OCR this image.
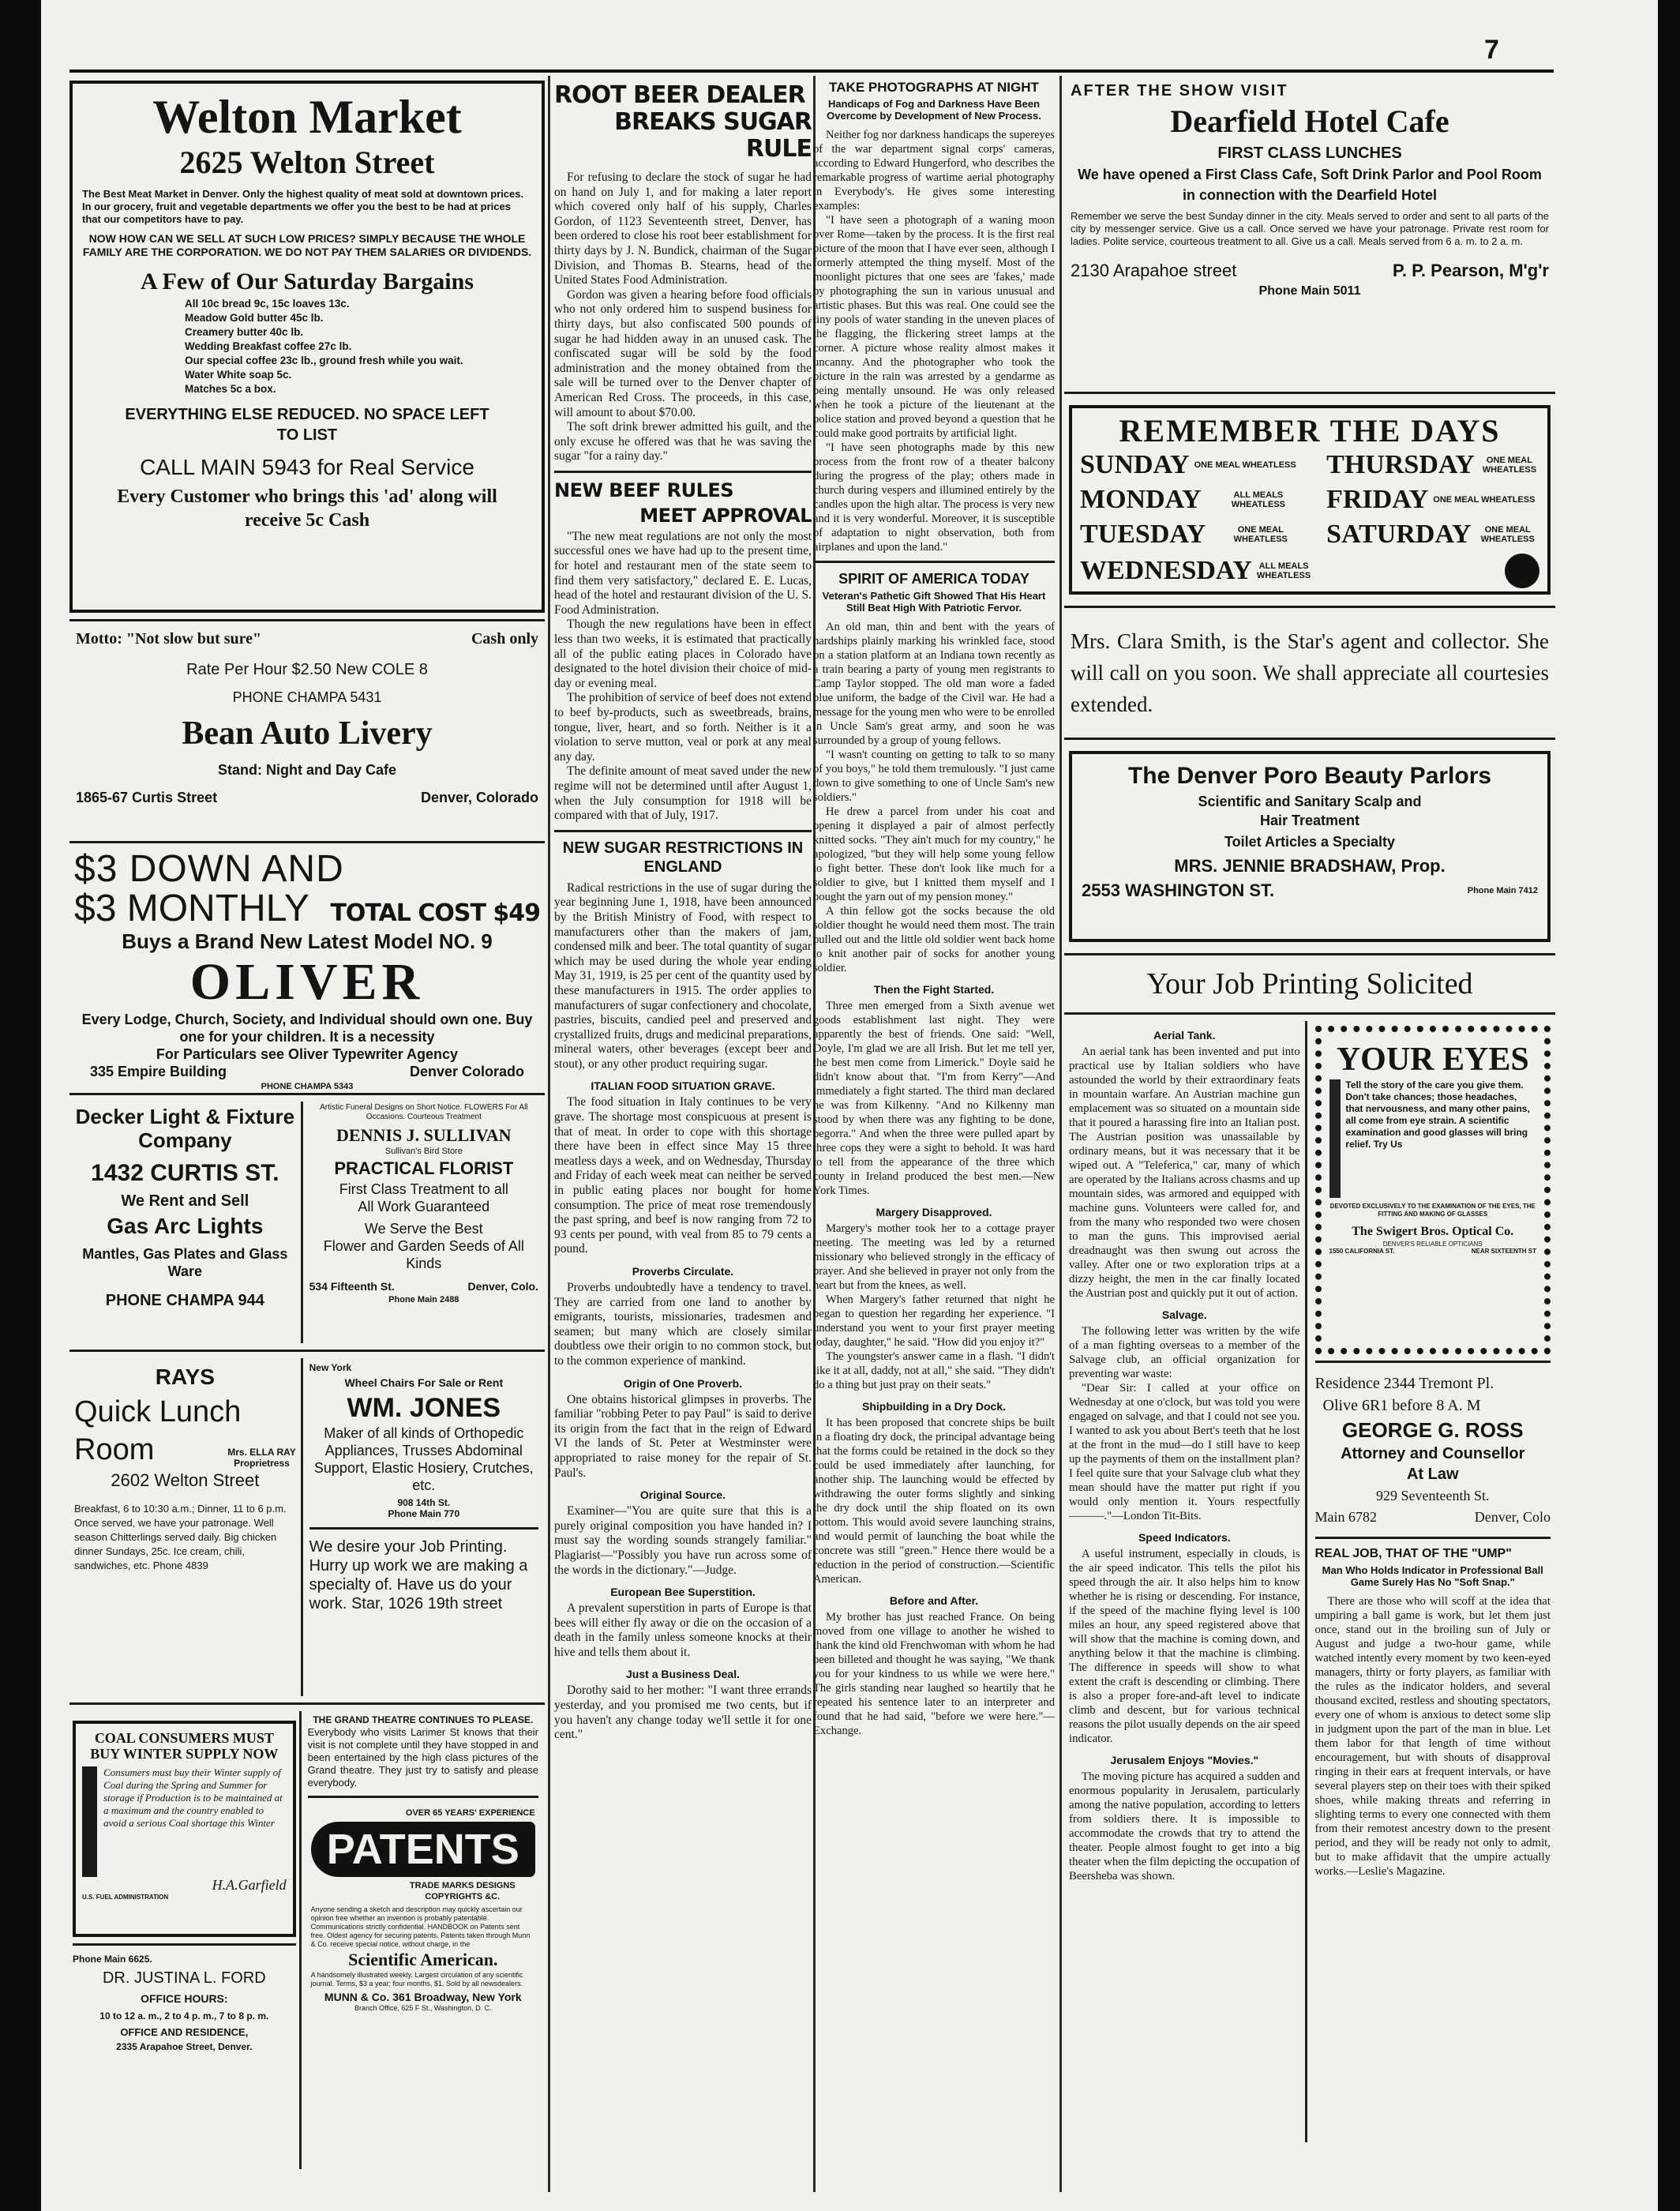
7
Welton Market
2625 Welton Street

The Best Meat Market in Denver. Only the highest quality of meat sold at downtown prices.

In our grocery, fruit and vegetable departments we offer you the best to be had at prices that our competitors have to pay.

NOW HOW CAN WE SELL AT SUCH LOW PRICES? SIMPLY BECAUSE THE WHOLE FAMILY ARE THE CORPORATION. WE DO NOT PAY THEM SALARIES OR DIVIDENDS.

A Few of Our Saturday Bargains
All 10c bread 9c, 15c loaves 13c.
Meadow Gold butter 45c lb.
Creamery butter 40c lb.
Wedding Breakfast coffee 27c lb.
Our special coffee 23c lb., ground fresh while you wait.
Water White soap 5c.
Matches 5c a box.
EVERYTHING ELSE REDUCED. NO SPACE LEFT TO LIST
CALL MAIN 5943 for Real Service
Every Customer who brings this 'ad' along will receive 5c Cash
Motto: "Not slow but sure"	Cash only
Rate Per Hour $2.50 New COLE 8
PHONE CHAMPA 5431
Bean Auto Livery
Stand: Night and Day Cafe
1865-67 Curtis Street	Denver, Colorado
$3 DOWN AND
$3 MONTHLY TOTAL COST $49
Buys a Brand New Latest Model NO. 9
OLIVER
Every Lodge, Church, Society, and Individual should own one. Buy one for your children. It is a necessity
For Particulars see Oliver Typewriter Agency
335 Empire Building	Denver Colorado
PHONE CHAMPA 5343
Decker Light & Fixture Company
1432 CURTIS ST.
We Rent and Sell
Gas Arc Lights
Mantles, Gas Plates and Glass Ware
PHONE CHAMPA 944
Artistic Funeral Designs on Short Notice. FLOWERS For All Occasions. Courteous Treatment
DENNIS J. SULLIVAN
Sullivan's Bird Store
PRACTICAL FLORIST
First Class Treatment to all
All Work Guaranteed
We Serve the Best
Flower and Garden Seeds of All Kinds
534 Fifteenth St.	Denver, Colo.
Phone Main 2488
RAYS
Quick Lunch
Room	Mrs. ELLA RAY
Proprietress
2602 Welton Street

Breakfast, 6 to 10:30 a.m.; Dinner, 11 to 6 p.m. Once served, we have your patronage. Well season Chitterlings served daily. Big chicken dinner Sundays, 25c. Ice cream, chili, sandwiches, etc. Phone 4839

New York
Wheel Chairs For Sale or Rent
WM. JONES

Maker of all kinds of Orthopedic Appliances, Trusses Abdominal Support, Elastic Hosiery, Crutches, etc.

908 14th St.
Phone Main 770

We desire your Job Printing. Hurry up work we are making a specialty of. Have us do your work. Star, 1026 19th street

COAL CONSUMERS MUST BUY WINTER SUPPLY NOW

Consumers must buy their Winter supply of Coal during the Spring and Summer for storage if Production is to be maintained at a maximum and the country enabled to avoid a serious Coal shortage this Winter

H.A.Garfield
U.S. FUEL ADMINISTRATION
Phone Main 6625.
DR. JUSTINA L. FORD
OFFICE HOURS:
10 to 12 a. m., 2 to 4 p. m., 7 to 8 p. m.
OFFICE AND RESIDENCE,
2335 Arapahoe Street, Denver.
THE GRAND THEATRE CONTINUES TO PLEASE.

Everybody who visits Larimer St knows that their visit is not complete until they have stopped in and been entertained by the high class pictures of the Grand theatre. They just try to satisfy and please everybody.

OVER 65 YEARS' EXPERIENCE
PATENTS
TRADE MARKS DESIGNS COPYRIGHTS &C.

Anyone sending a sketch and description may quickly ascertain our opinion free whether an invention is probably patentable. Communications strictly confidential. HANDBOOK on Patents sent free. Oldest agency for securing patents. Patents taken through Munn & Co. receive special notice, without charge, in the

Scientific American.

A handsomely illustrated weekly. Largest circulation of any scientific journal. Terms, $3 a year; four months, $1. Sold by all newsdealers.

MUNN & Co. 361 Broadway, New York
Branch Office, 625 F St., Washington, D. C.
ROOT BEER DEALER
BREAKS SUGAR RULE

For refusing to declare the stock of sugar he had on hand on July 1, and for making a later report which covered only half of his supply, Charles Gordon, of 1123 Seventeenth street, Denver, has been ordered to close his root beer establishment for thirty days by J. N. Bundick, chairman of the Sugar Division, and Thomas B. Stearns, head of the United States Food Administration.

Gordon was given a hearing before food officials who not only ordered him to suspend business for thirty days, but also confiscated 500 pounds of sugar he had hidden away in an unused cask. The confiscated sugar will be sold by the food administration and the money obtained from the sale will be turned over to the Denver chapter of American Red Cross. The proceeds, in this case, will amount to about $70.00.

The soft drink brewer admitted his guilt, and the only excuse he offered was that he was saving the sugar "for a rainy day."

NEW BEEF RULES
MEET APPROVAL

"The new meat regulations are not only the most successful ones we have had up to the present time, for hotel and restaurant men of the state seem to find them very satisfactory," declared E. E. Lucas, head of the hotel and restaurant division of the U. S. Food Administration.

Though the new regulations have been in effect less than two weeks, it is estimated that practically all of the public eating places in Colorado have designated to the hotel division their choice of mid-day or evening meal.

The prohibition of service of beef does not extend to beef by-products, such as sweetbreads, brains, tongue, liver, heart, and so forth. Neither is it a violation to serve mutton, veal or pork at any meal any day.

The definite amount of meat saved under the new regime will not be determined until after August 1, when the July consumption for 1918 will be compared with that of July, 1917.

NEW SUGAR RESTRICTIONS IN ENGLAND

Radical restrictions in the use of sugar during the year beginning June 1, 1918, have been announced by the British Ministry of Food, with respect to manufacturers other than the makers of jam, condensed milk and beer. The total quantity of sugar which may be used during the whole year ending May 31, 1919, is 25 per cent of the quantity used by these manufacturers in 1915. The order applies to manufacturers of sugar confectionery and chocolate, pastries, biscuits, candied peel and preserved and crystallized fruits, drugs and medicinal preparations, mineral waters, other beverages (except beer and stout), or any other product requiring sugar.

ITALIAN FOOD SITUATION GRAVE.

The food situation in Italy continues to be very grave. The shortage most conspicuous at present is that of meat. In order to cope with this shortage there have been in effect since May 15 three meatless days a week, and on Wednesday, Thursday and Friday of each week meat can neither be served in public eating places nor bought for home consumption. The price of meat rose tremendously the past spring, and beef is now ranging from 72 to 93 cents per pound, with veal from 85 to 79 cents a pound.

Proverbs Circulate.

Proverbs undoubtedly have a tendency to travel. They are carried from one land to another by emigrants, tourists, missionaries, tradesmen and seamen; but many which are closely similar doubtless owe their origin to no common stock, but to the common experience of mankind.

Origin of One Proverb.

One obtains historical glimpses in proverbs. The familiar "robbing Peter to pay Paul" is said to derive its origin from the fact that in the reign of Edward VI the lands of St. Peter at Westminster were appropriated to raise money for the repair of St. Paul's.

Original Source.

Examiner—"You are quite sure that this is a purely original composition you have handed in? I must say the wording sounds strangely familiar." Plagiarist—"Possibly you have run across some of the words in the dictionary."—Judge.

European Bee Superstition.

A prevalent superstition in parts of Europe is that bees will either fly away or die on the occasion of a death in the family unless someone knocks at their hive and tells them about it.

Just a Business Deal.

Dorothy said to her mother: "I want three errands yesterday, and you promised me two cents, but if you haven't any change today we'll settle it for one cent."

TAKE PHOTOGRAPHS AT NIGHT
Handicaps of Fog and Darkness Have Been Overcome by Development of New Process.

Neither fog nor darkness handicaps the supereyes of the war department signal corps' cameras, according to Edward Hungerford, who describes the remarkable progress of wartime aerial photography in Everybody's. He gives some interesting examples:

"I have seen a photograph of a waning moon over Rome—taken by the process. It is the first real picture of the moon that I have ever seen, although I formerly attempted the thing myself. Most of the moonlight pictures that one sees are 'fakes,' made by photographing the sun in various unusual and artistic phases. But this was real. One could see the tiny pools of water standing in the uneven places of the flagging, the flickering street lamps at the corner. A picture whose reality almost makes it uncanny. And the photographer who took the picture in the rain was arrested by a gendarme as being mentally unsound. He was only released when he took a picture of the lieutenant at the police station and proved beyond a question that he could make good portraits by artificial light.

"I have seen photographs made by this new process from the front row of a theater balcony during the progress of the play; others made in church during vespers and illumined entirely by the candles upon the high altar. The process is very new and it is very wonderful. Moreover, it is susceptible of adaptation to night observation, both from airplanes and upon the land."

SPIRIT OF AMERICA TODAY
Veteran's Pathetic Gift Showed That His Heart Still Beat High With Patriotic Fervor.

An old man, thin and bent with the years of hardships plainly marking his wrinkled face, stood on a station platform at an Indiana town recently as a train bearing a party of young men registrants to Camp Taylor stopped. The old man wore a faded blue uniform, the badge of the Civil war. He had a message for the young men who were to be enrolled in Uncle Sam's great army, and soon he was surrounded by a group of young fellows.

"I wasn't counting on getting to talk to so many of you boys," he told them tremulously. "I just came down to give something to one of Uncle Sam's new soldiers."

He drew a parcel from under his coat and opening it displayed a pair of almost perfectly knitted socks. "They ain't much for my country," he apologized, "but they will help some young fellow to fight better. These don't look like much for a soldier to give, but I knitted them myself and I bought the yarn out of my pension money."

A thin fellow got the socks because the old soldier thought he would need them most. The train pulled out and the little old soldier went back home to knit another pair of socks for another young soldier.

Then the Fight Started.

Three men emerged from a Sixth avenue wet goods establishment last night. They were apparently the best of friends. One said: "Well, Doyle, I'm glad we are all Irish. But let me tell yer, the best men come from Limerick." Doyle said he didn't know about that. "I'm from Kerry"—And immediately a fight started. The third man declared he was from Kilkenny. "And no Kilkenny man stood by when there was any fighting to be done, begorra." And when the three were pulled apart by three cops they were a sight to behold. It was hard to tell from the appearance of the three which county in Ireland produced the best men.—New York Times.

Margery Disapproved.

Margery's mother took her to a cottage prayer meeting. The meeting was led by a returned missionary who believed strongly in the efficacy of prayer. And she believed in prayer not only from the heart but from the knees, as well.

When Margery's father returned that night he began to question her regarding her experience. "I understand you went to your first prayer meeting today, daughter," he said. "How did you enjoy it?"

The youngster's answer came in a flash. "I didn't like it at all, daddy, not at all," she said. "They didn't do a thing but just pray on their seats."

Shipbuilding in a Dry Dock.

It has been proposed that concrete ships be built in a floating dry dock, the principal advantage being that the forms could be retained in the dock so they could be used immediately after launching, for another ship. The launching would be effected by withdrawing the outer forms slightly and sinking the dry dock until the ship floated on its own bottom. This would avoid severe launching strains, and would permit of launching the boat while the concrete was still "green." Hence there would be a reduction in the period of construction.—Scientific American.

Before and After.

My brother has just reached France. On being moved from one village to another he wished to thank the kind old Frenchwoman with whom he had been billeted and thought he was saying, "We thank you for your kindness to us while we were here." The girls standing near laughed so heartily that he repeated his sentence later to an interpreter and found that he had said, "before we were here."—Exchange.

AFTER THE SHOW VISIT
Dearfield Hotel Cafe
FIRST CLASS LUNCHES

We have opened a First Class Cafe, Soft Drink Parlor and Pool Room in connection with the Dearfield Hotel

Remember we serve the best Sunday dinner in the city. Meals served to order and sent to all parts of the city by messenger service. Give us a call. Once served we have your patronage. Private rest room for ladies. Polite service, courteous treatment to all. Give us a call. Meals served from 6 a. m. to 2 a. m.

2130 Arapahoe street	P. P. Pearson, M'g'r
Phone Main 5011
REMEMBER THE DAYS
SUNDAY ONE MEAL WHEATLESS THURSDAY	ONE MEAL WHEATLESS
MONDAY	ALL MEALS WHEATLESS	FRIDAY ONE MEAL WHEATLESS
TUESDAY	ONE MEAL WHEATLESS	SATURDAY	ONE MEAL WHEATLESS
WEDNESDAY ALL MEALS WHEATLESS

Mrs. Clara Smith, is the Star's agent and collector. She will call on you soon. We shall appreciate all courtesies extended.

The Denver Poro Beauty Parlors
Scientific and Sanitary Scalp and
Hair Treatment
Toilet Articles a Specialty
MRS. JENNIE BRADSHAW, Prop.
2553 WASHINGTON ST.	Phone Main 7412
Your Job Printing Solicited
Aerial Tank.

An aerial tank has been invented and put into practical use by Italian soldiers who have astounded the world by their extraordinary feats in mountain warfare. An Austrian machine gun emplacement was so situated on a mountain side that it poured a harassing fire into an Italian post. The Austrian position was unassailable by ordinary means, but it was necessary that it be wiped out. A "Teleferica," car, many of which are operated by the Italians across chasms and up mountain sides, was armored and equipped with machine guns. Volunteers were called for, and from the many who responded two were chosen to man the guns. This improvised aerial dreadnaught was then swung out across the valley. After one or two exploration trips at a dizzy height, the men in the car finally located the Austrian post and quickly put it out of action.

Salvage.

The following letter was written by the wife of a man fighting overseas to a member of the Salvage club, an official organization for preventing war waste:

"Dear Sir: I called at your office on Wednesday at one o'clock, but was told you were engaged on salvage, and that I could not see you. I wanted to ask you about Bert's teeth that he lost at the front in the mud—do I still have to keep up the payments of them on the installment plan? I feel quite sure that your Salvage club what they mean should have the matter put right if you would only mention it. Yours respectfully ———."—London Tit-Bits.

Speed Indicators.

A useful instrument, especially in clouds, is the air speed indicator. This tells the pilot his speed through the air. It also helps him to know whether he is rising or descending. For instance, if the speed of the machine flying level is 100 miles an hour, any speed registered above that will show that the machine is coming down, and anything below it that the machine is climbing. The difference in speeds will show to what extent the craft is descending or climbing. There is also a proper fore-and-aft level to indicate climb and descent, but for various technical reasons the pilot usually depends on the air speed indicator.

Jerusalem Enjoys "Movies."

The moving picture has acquired a sudden and enormous popularity in Jerusalem, particularly among the native population, according to letters from soldiers there. It is impossible to accommodate the crowds that try to attend the theater. People almost fought to get into a big theater when the film depicting the occupation of Beersheba was shown.

YOUR EYES

Tell the story of the care you give them. Don't take chances; those headaches, that nervousness, and many other pains, all come from eye strain. A scientific examination and good glasses will bring relief. Try Us

DEVOTED EXCLUSIVELY TO THE EXAMINATION OF THE EYES, THE FITTING AND MAKING OF GLASSES

The Swigert Bros. Optical Co.
DENVER'S RELIABLE OPTICIANS
1550 CALIFORNIA ST.	NEAR SIXTEENTH ST
Residence 2344 Tremont Pl.
Olive 6R1 before 8 A. M
GEORGE G. ROSS
Attorney and Counsellor
At Law
929 Seventeenth St.
Main 6782	Denver, Colo
REAL JOB, THAT OF THE "UMP"
Man Who Holds Indicator in Professional Ball Game Surely Has No "Soft Snap."

There are those who will scoff at the idea that umpiring a ball game is work, but let them just once, stand out in the broiling sun of July or August and judge a two-hour game, while watched intently every moment by two keen-eyed managers, thirty or forty players, as familiar with the rules as the indicator holders, and several thousand excited, restless and shouting spectators, every one of whom is anxious to detect some slip in judgment upon the part of the man in blue. Let them labor for that length of time without encouragement, but with shouts of disapproval ringing in their ears at frequent intervals, or have several players step on their toes with their spiked shoes, while making threats and referring in slighting terms to every one connected with them from their remotest ancestry down to the present period, and they will be ready not only to admit, but to make affidavit that the umpire actually works.—Leslie's Magazine.
